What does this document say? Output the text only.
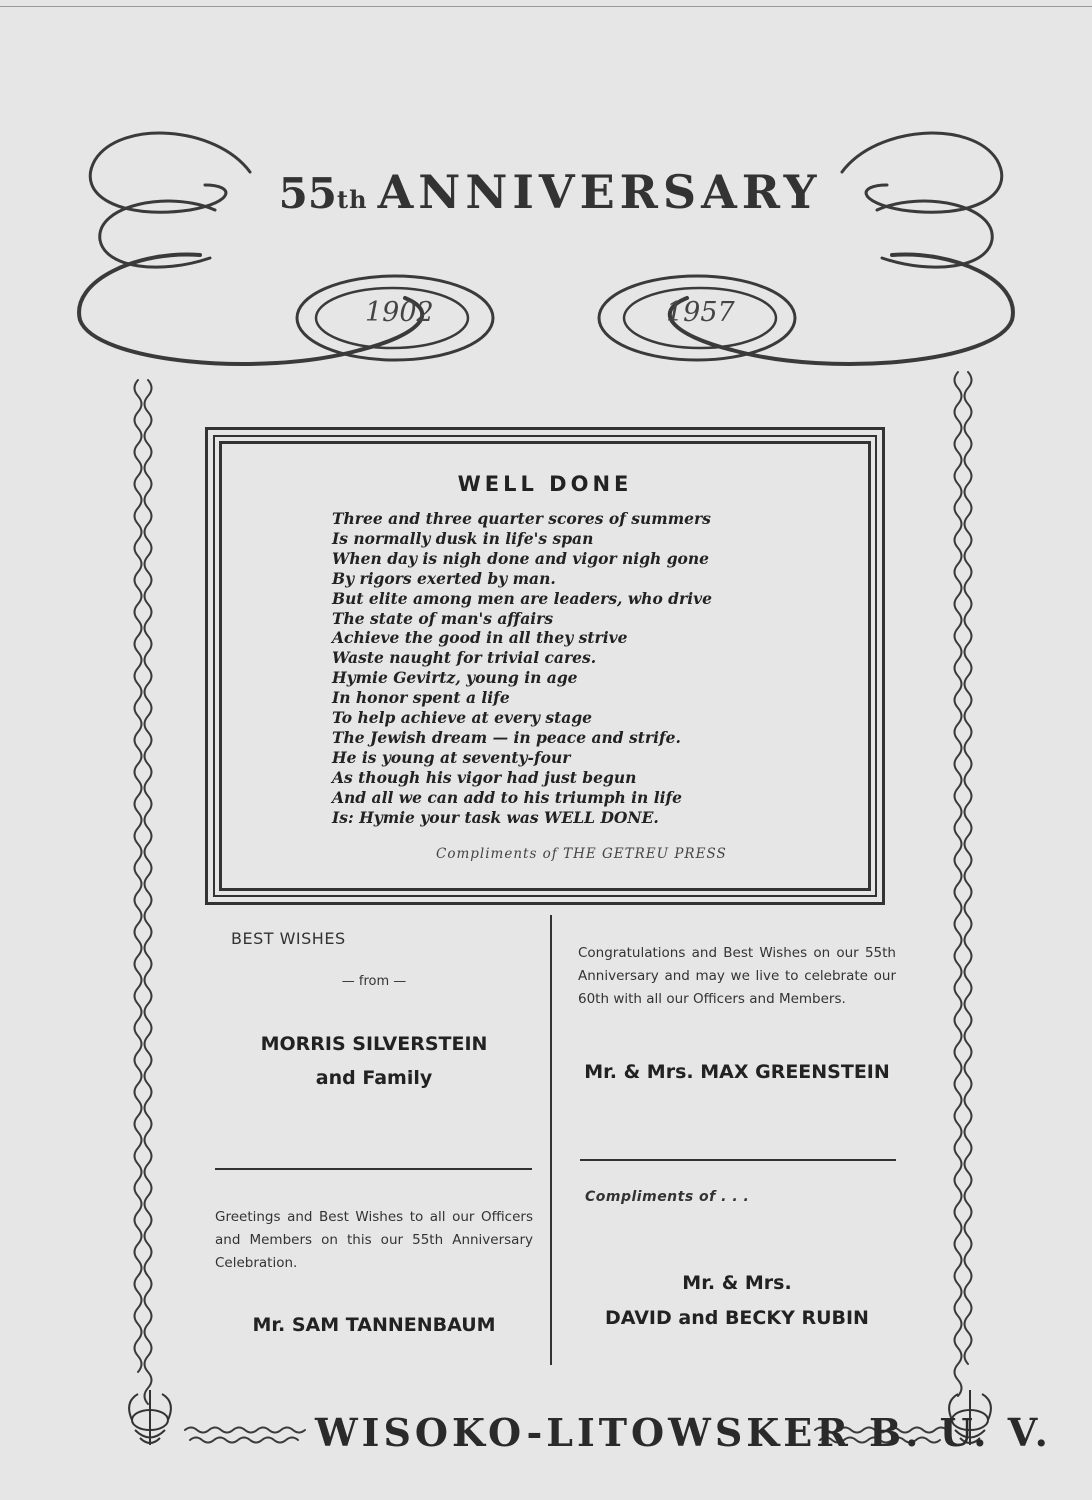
55th ANNIVERSARY
1902	1957
WELL DONE
Three and three quarter scores of summers
Is normally dusk in life's span
When day is nigh done and vigor nigh gone
By rigors exerted by man.
But elite among men are leaders, who drive
The state of man's affairs
Achieve the good in all they strive
Waste naught for trivial cares.
Hymie Gevirtz, young in age
In honor spent a life
To help achieve at every stage
The Jewish dream — in peace and strife.
He is young at seventy-four
As though his vigor had just begun
And all we can add to his triumph in life
Is: Hymie your task was WELL DONE.
Compliments of THE GETREU PRESS
BEST WISHES
— from —
MORRIS SILVERSTEIN
and Family
Congratulations and Best Wishes on our 55th Anniversary and may we live to celebrate our 60th with all our Officers and Members.
Mr. & Mrs. MAX GREENSTEIN
Greetings and Best Wishes to all our Officers and Members on this our 55th Anniversary Celebration.
Mr. SAM TANNENBAUM
Compliments of . . .
Mr. & Mrs.
DAVID and BECKY RUBIN
WISOKO-LITOWSKER B. U. V.
